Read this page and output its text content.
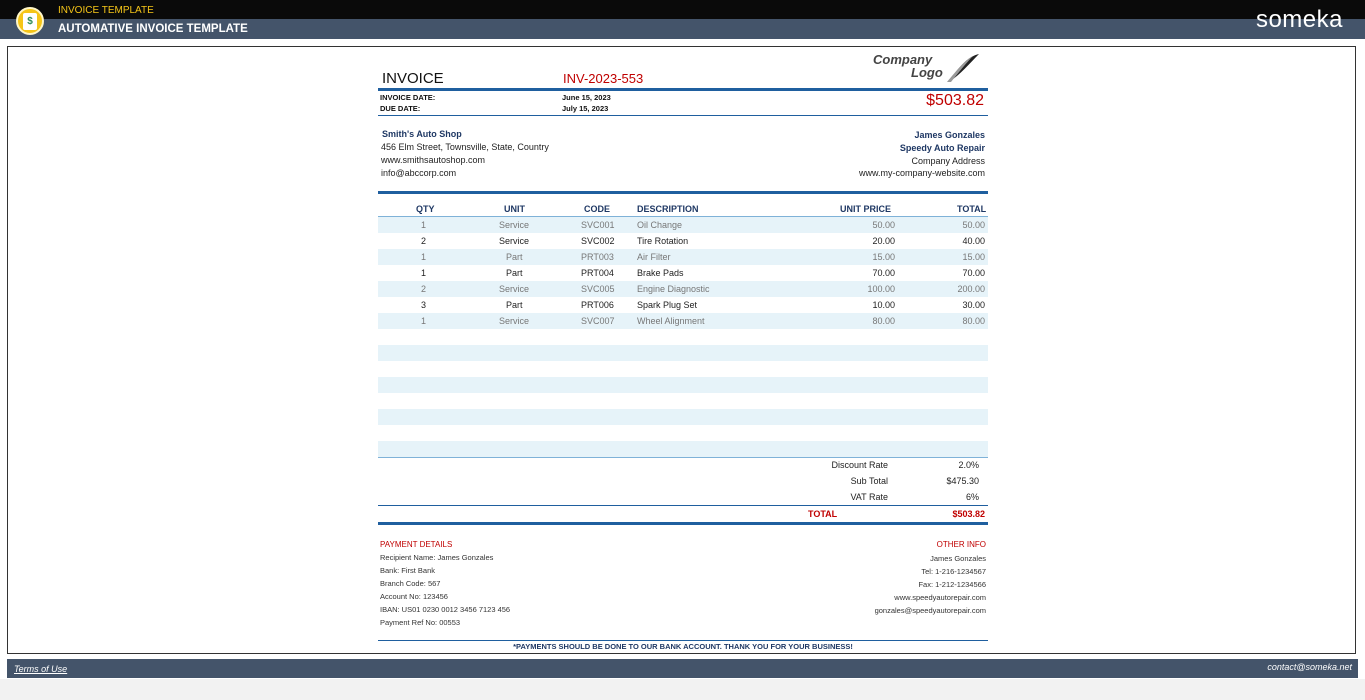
$
INVOICE TEMPLATE
AUTOMATIVE INVOICE TEMPLATE	someka
INVOICE	INV-2023-553
Company
Logo
INVOICE DATE:	June 15, 2023
DUE DATE:	July 15, 2023	$503.82
Smith's Auto Shop
456 Elm Street, Townsville, State, Country
www.smithsautoshop.com
info@abccorp.com
James Gonzales
Speedy Auto Repair
Company Address
www.my-company-website.com
QTY	UNIT	CODE	DESCRIPTION	UNIT PRICE	TOTAL
1	Service	SVC001 Oil Change	50.00	50.00
2	Service	SVC002 Tire Rotation	20.00	40.00
1	Part	PRT003	Air Filter	15.00	15.00
1	Part	PRT004	Brake Pads	70.00	70.00
2	Service	SVC005 Engine Diagnostic	100.00	200.00
3	Part	PRT006	Spark Plug Set	10.00	30.00
1	Service	SVC007 Wheel Alignment	80.00	80.00
Discount Rate	2.0%
Sub Total	$475.30
VAT Rate	6%
TOTAL	$503.82
PAYMENT DETAILS
Recipient Name: James Gonzales
Bank: First Bank
Branch Code: 567
Account No: 123456
IBAN: US01 0230 0012 3456 7123 456
Payment Ref No: 00553
OTHER INFO
James Gonzales
Tel: 1-216-1234567
Fax: 1-212-1234566
www.speedyautorepair.com
gonzales@speedyautorepair.com
*PAYMENTS SHOULD BE DONE TO OUR BANK ACCOUNT. THANK YOU FOR YOUR BUSINESS!
Terms of Use	contact@someka.net
